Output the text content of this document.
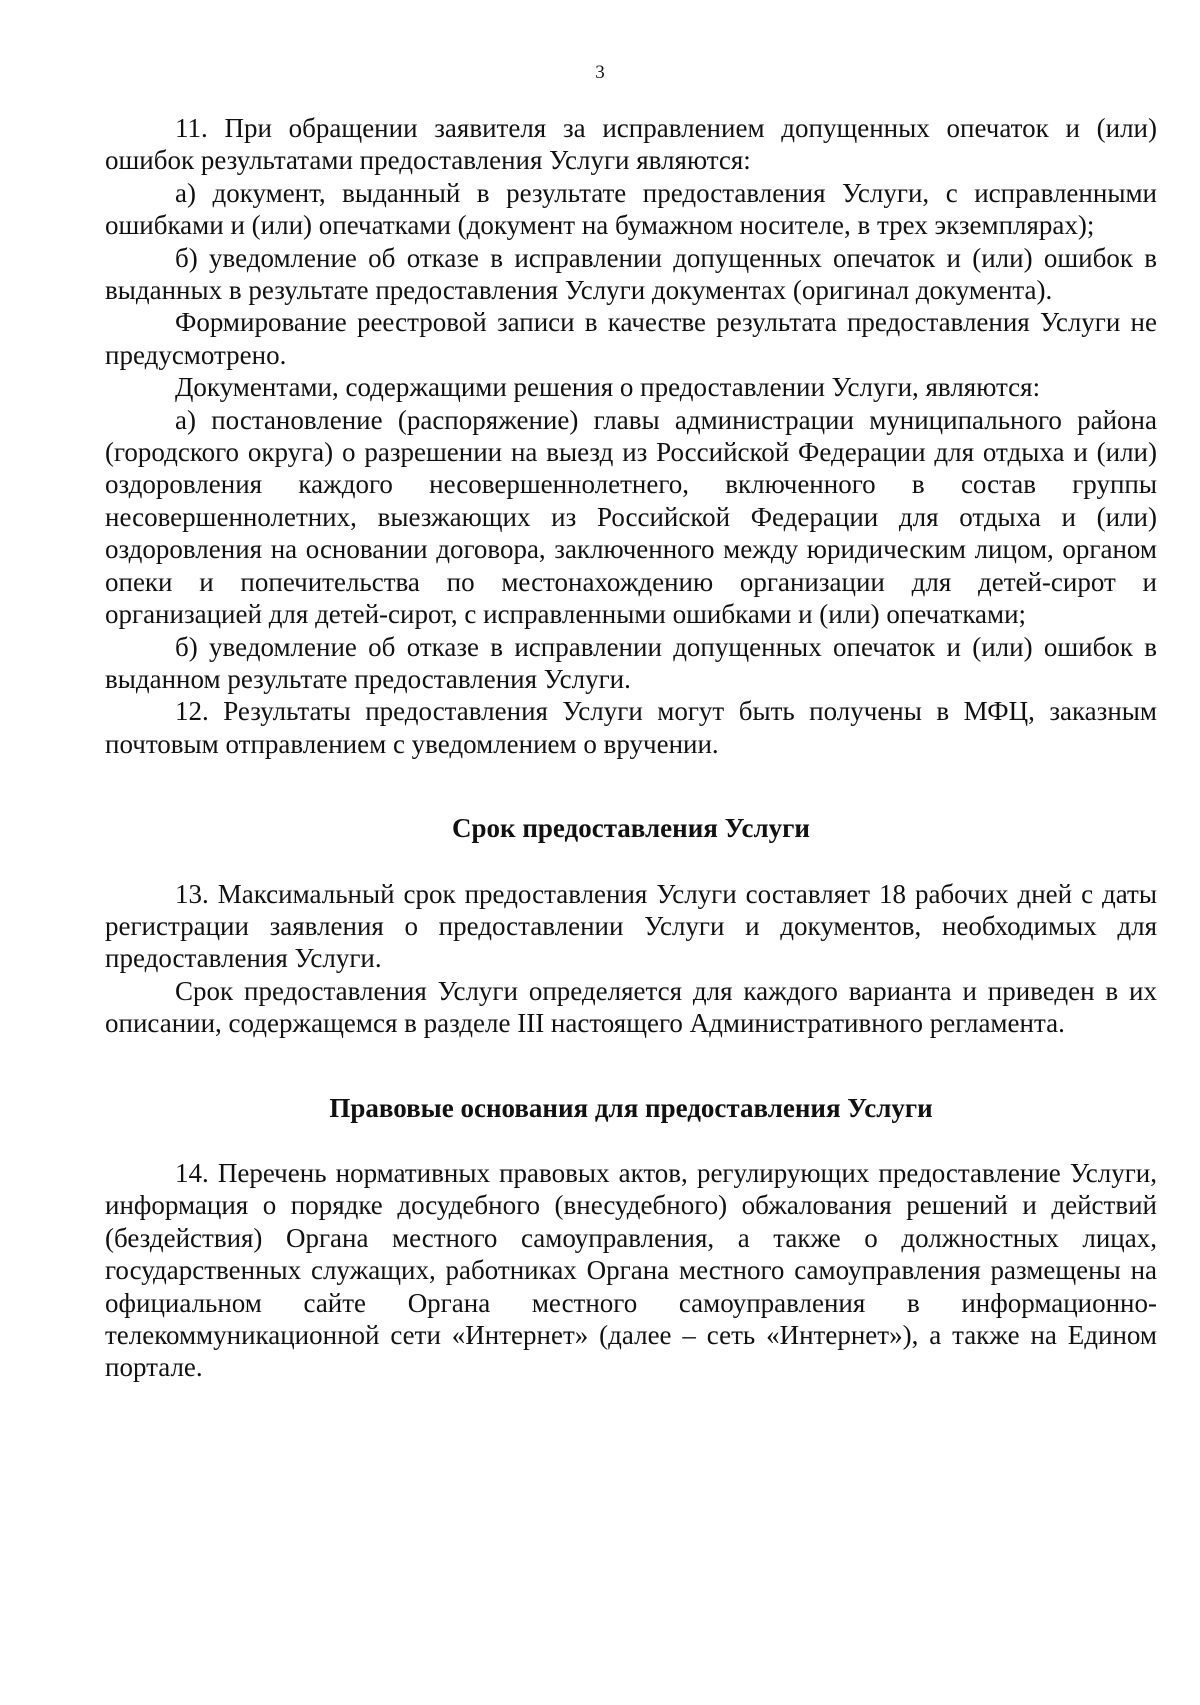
3

11. При обращении заявителя за исправлением допущенных опечаток и (или) ошибок результатами предоставления Услуги являются:

а) документ, выданный в результате предоставления Услуги, с исправленными ошибками и (или) опечатками (документ на бумажном носителе, в трех экземплярах);

б) уведомление об отказе в исправлении допущенных опечаток и (или) ошибок в выданных в результате предоставления Услуги документах (оригинал документа).

Формирование реестровой записи в качестве результата предоставления Услуги не предусмотрено.

Документами, содержащими решения о предоставлении Услуги, являются:

а) постановление (распоряжение) главы администрации муниципального района (городского округа) о разрешении на выезд из Российской Федерации для отдыха и (или) оздоровления каждого несовершеннолетнего, включенного в состав группы несовершеннолетних, выезжающих из Российской Федерации для отдыха и (или) оздоровления на основании договора, заключенного между юридическим лицом, органом опеки и попечительства по местонахождению организации для детей-сирот и организацией для детей-сирот, с исправленными ошибками и (или) опечатками;

б) уведомление об отказе в исправлении допущенных опечаток и (или) ошибок в выданном результате предоставления Услуги.

12. Результаты предоставления Услуги могут быть получены в МФЦ, заказным почтовым отправлением с уведомлением о вручении.

Срок предоставления Услуги

13. Максимальный срок предоставления Услуги составляет 18 рабочих дней с даты регистрации заявления о предоставлении Услуги и документов, необходимых для предоставления Услуги.

Срок предоставления Услуги определяется для каждого варианта и приведен в их описании, содержащемся в разделе III настоящего Административного регламента.

Правовые основания для предоставления Услуги

14. Перечень нормативных правовых актов, регулирующих предоставление Услуги, информация о порядке досудебного (внесудебного) обжалования решений и действий (бездействия) Органа местного самоуправления, а также о должностных лицах, государственных служащих, работниках Органа местного самоуправления размещены на официальном сайте Органа местного самоуправления в информационно-телекоммуникационной сети «Интернет» (далее – сеть «Интернет»), а также на Едином портале.
